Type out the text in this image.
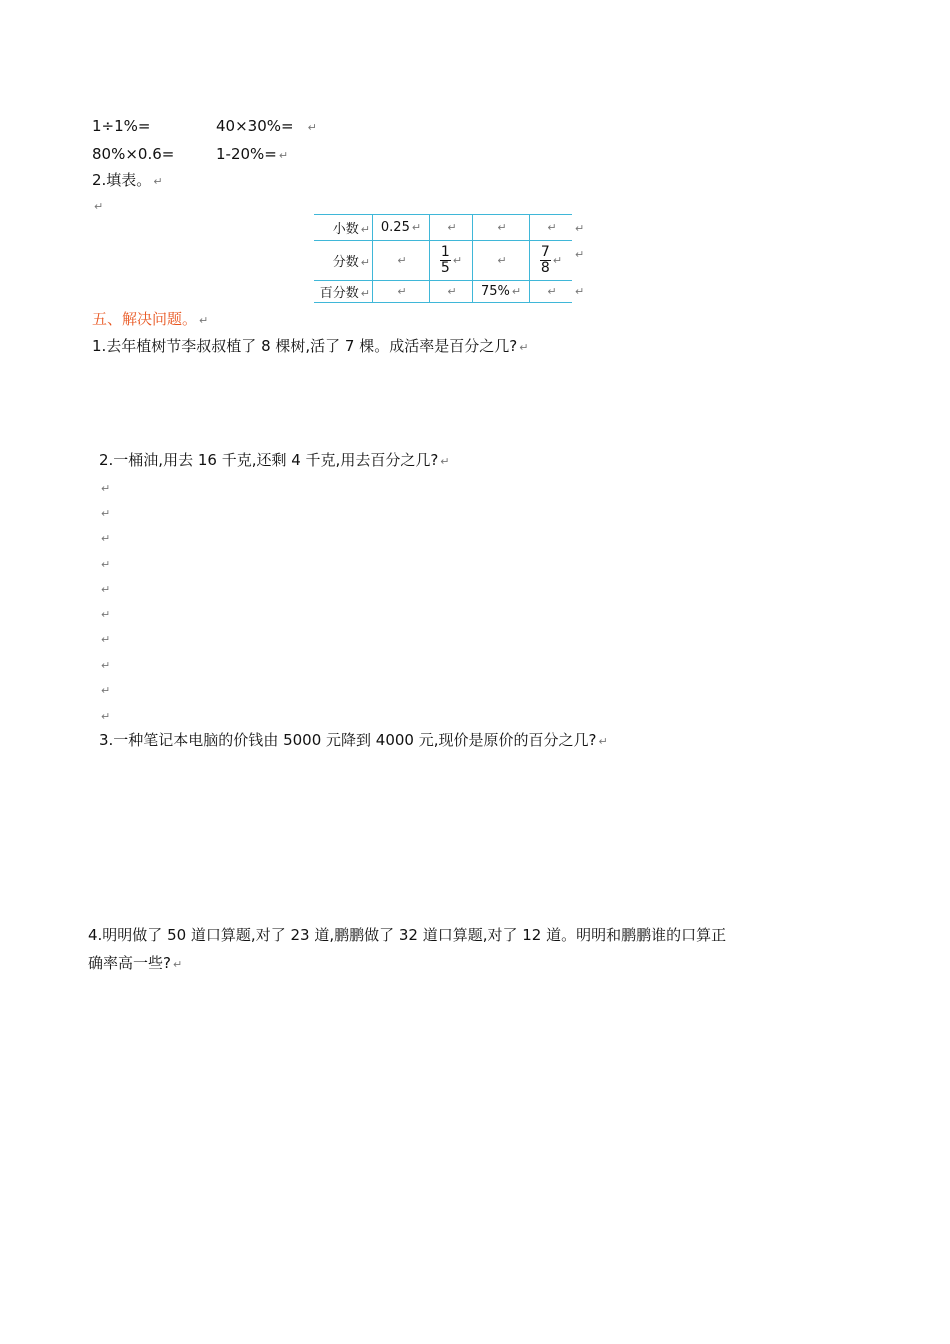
1÷1%=	40×30%= ↵
80%×0.6=	1-20%= ↵
2.填表。 ↵
↵
小数 ↵	0.25 ↵	↵	↵	↵
分数 ↵	↵	$\frac{1}{5}$ ↵	↵	$\frac{7}{8}$ ↵
百分数 ↵	↵	↵	75% ↵	↵
↵
↵
↵
五、解决问题。 ↵
1.去年植树节李叔叔植了 8 棵树,活了 7 棵。成活率是百分之几? ↵
2.一桶油,用去 16 千克,还剩 4 千克,用去百分之几? ↵
↵
↵
↵
↵
↵
↵
↵
↵
↵
↵
3.一种笔记本电脑的价钱由 5000 元降到 4000 元,现价是原价的百分之几? ↵
4.明明做了 50 道口算题,对了 23 道,鹏鹏做了 32 道口算题,对了 12 道。明明和鹏鹏谁的口算正
确率高一些? ↵
